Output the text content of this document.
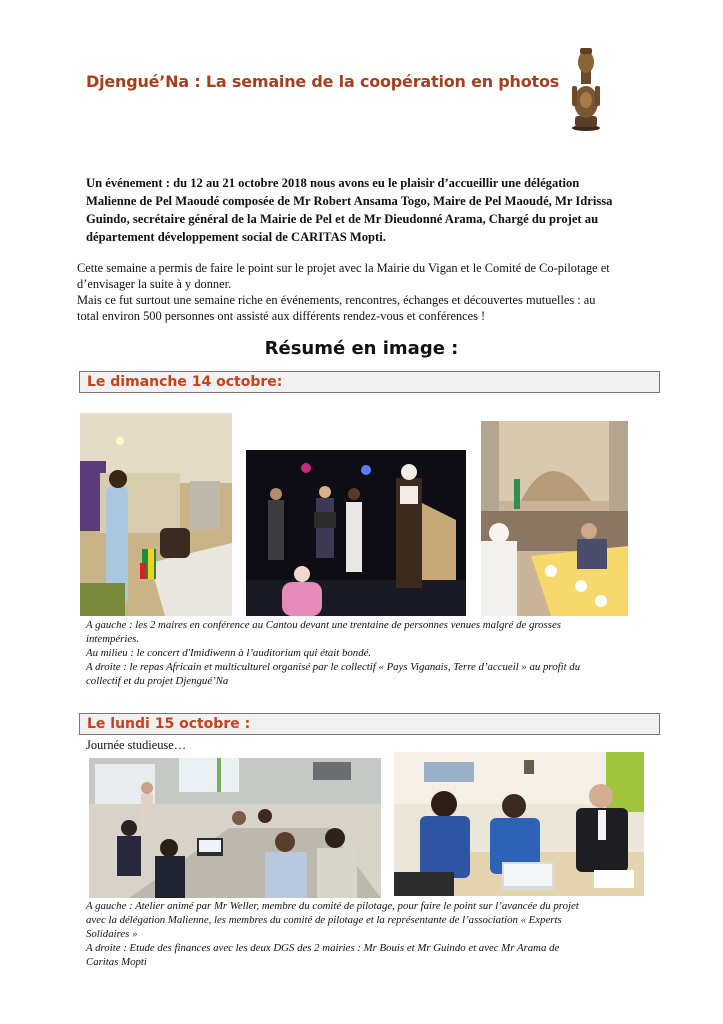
Djengué’Na : La semaine de la coopération en photos
Un événement : du 12 au 21 octobre 2018 nous avons eu le plaisir d’accueillir une délégation
Malienne de Pel Maoudé composée de Mr Robert Ansama Togo, Maire de Pel Maoudé, Mr Idrissa
Guindo, secrétaire général de la Mairie de Pel et de Mr Dieudonné Arama, Chargé du projet au
département développement social de CARITAS Mopti.
Cette semaine a permis de faire le point sur le projet avec la Mairie du Vigan et le Comité de Co-pilotage et
d’envisager la suite à y donner.
Mais ce fut surtout une semaine riche en événements, rencontres, échanges et découvertes mutuelles : au
total environ 500 personnes ont assisté aux différents rendez-vous et conférences !
Résumé en image :
Le dimanche 14 octobre:
A gauche : les 2 maires en conférence au Cantou devant une trentaine de personnes venues malgré de grosses
intempéries.
Au milieu : le concert d'Imidiwenn à l’auditorium qui était bondé.
A droite : le repas Africain et multiculturel organisé par le collectif « Pays Viganais, Terre d’accueil » au profit du
collectif et du projet Djengué’Na
Le lundi 15 octobre :
Journée studieuse…
A gauche : Atelier animé par Mr Weller, membre du comité de pilotage, pour faire le point sur l’avancée du projet
avec la délégation Malienne, les membres du comité de pilotage et la représentante de l’association « Experts
Solidaires »
A droite : Etude des finances avec les deux DGS des 2 mairies : Mr Bouis et Mr Guindo et avec Mr Arama de
Caritas Mopti
